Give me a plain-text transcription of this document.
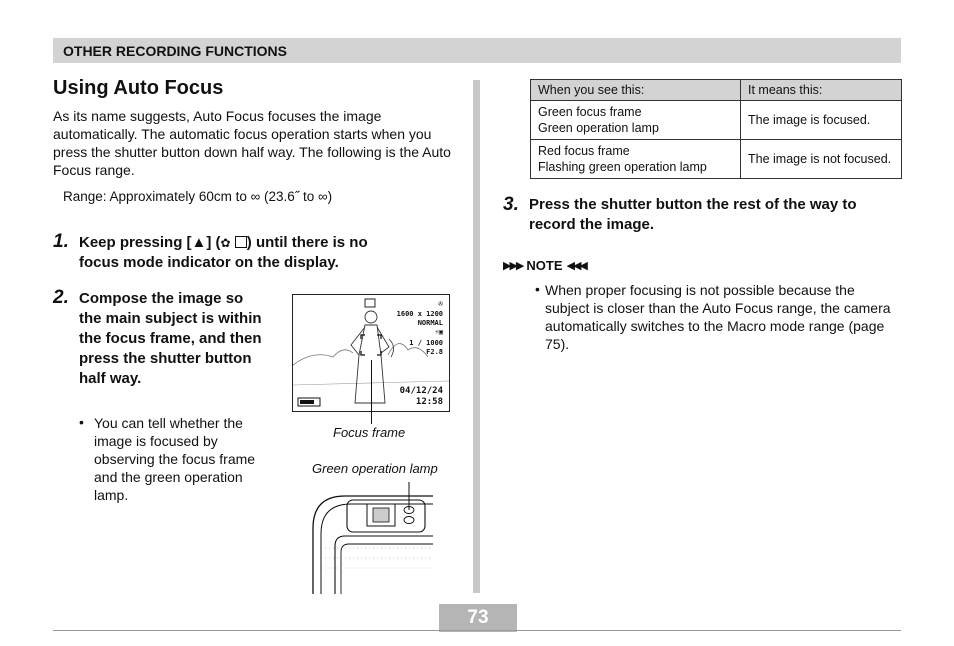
OTHER RECORDING FUNCTIONS
Using Auto Focus
As its name suggests, Auto Focus focuses the image automatically. The automatic focus operation starts when you press the shutter button down half way. The following is the Auto Focus range.
Range: Approximately 60cm to ∞ (23.6˝ to ∞)
1. Keep pressing [▲] (✿ ) until there is no
focus mode indicator on the display.
2. Compose the image so the main subject is within the focus frame, and then press the shutter button half way.
• You can tell whether the image is focused by observing the focus frame and the green operation lamp.
✇
1600 x 1200
NORMAL
⚡▣
1 / 1000
F2.8
04/12/24
12:58
Focus frame
Green operation lamp
When you see this:	It means this:
Green focus frame
Green operation lamp	The image is focused.
Red focus frame
Flashing green operation lamp	The image is not focused.
3. Press the shutter button the rest of the way to record the image.
▶▶▶ NOTE ◀◀◀
• When proper focusing is not possible because the subject is closer than the Auto Focus range, the camera automatically switches to the Macro mode range (page 75).
73
